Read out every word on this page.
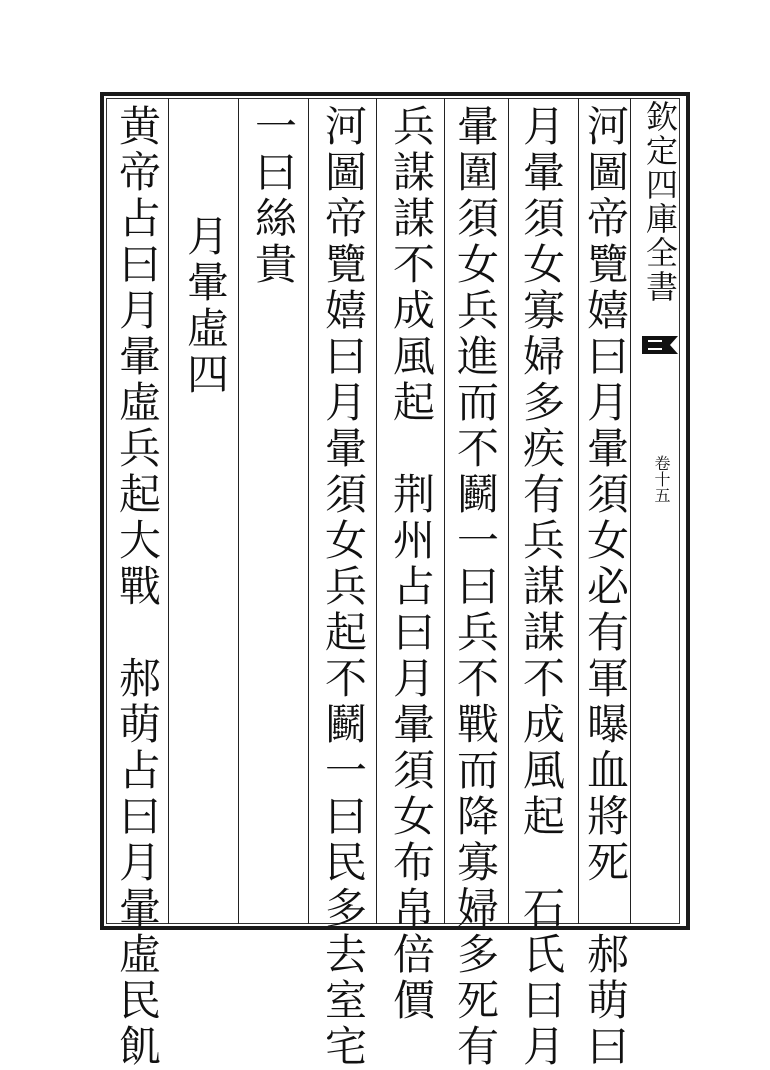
欽定四庫全書
卷十五
河圖帝覽嬉曰月暈須女必有軍曝血將死　郝萌曰
月暈須女寡婦多疾有兵謀謀不成風起　石氏曰月
暈圍須女兵進而不鬬一曰兵不戰而降寡婦多死有
兵謀謀不成風起　荆州占曰月暈須女布帛倍價
河圖帝覽嬉曰月暈須女兵起不鬬一曰民多去室宅
一曰絲貴
月暈虛四
黄帝占曰月暈虛兵起大戰　郝萌占曰月暈虛民飢
